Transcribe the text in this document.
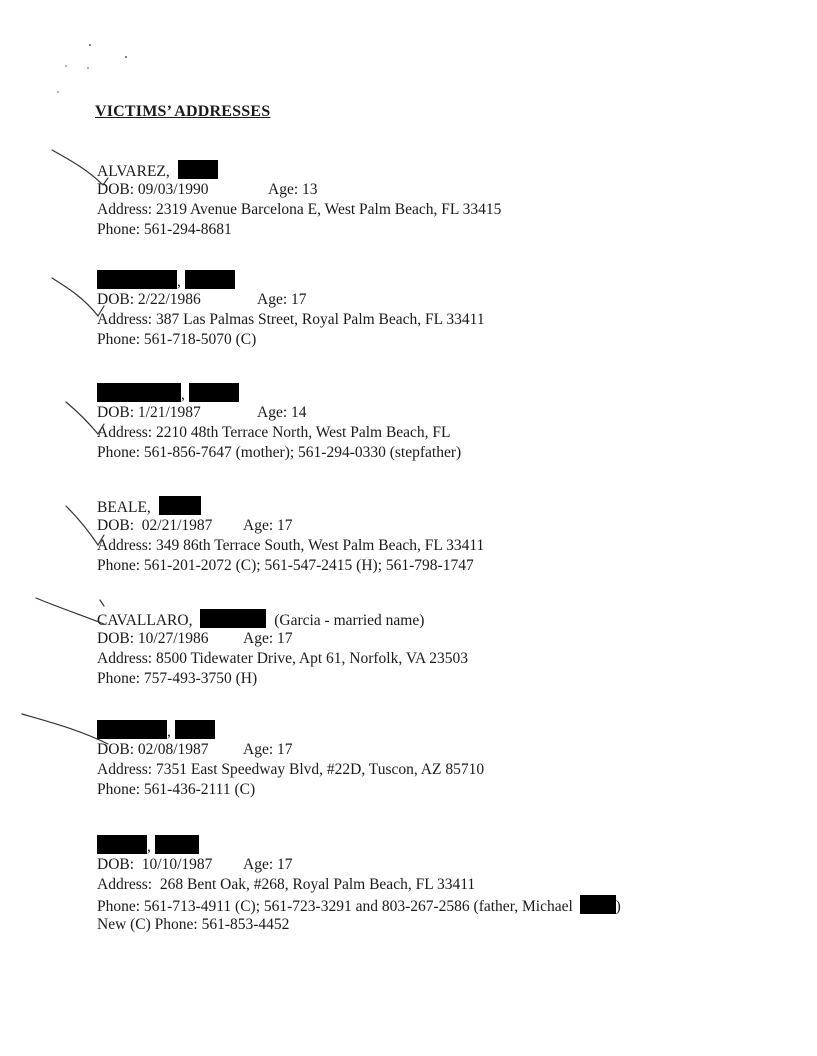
VICTIMS’ ADDRESSES
ALVAREZ,
DOB: 09/03/1990	Age: 13
Address: 2319 Avenue Barcelona E, West Palm Beach, FL 33415
Phone: 561-294-8681
,
DOB: 2/22/1986	Age: 17
Address: 387 Las Palmas Street, Royal Palm Beach, FL 33411
Phone: 561-718-5070 (C)
,
DOB: 1/21/1987	Age: 14
Address: 2210 48th Terrace North, West Palm Beach, FL
Phone: 561-856-7647 (mother); 561-294-0330 (stepfather)
BEALE,
DOB:  02/21/1987 Age: 17
Address: 349 86th Terrace South, West Palm Beach, FL 33411
Phone: 561-201-2072 (C); 561-547-2415 (H); 561-798-1747
CAVALLARO,	(Garcia - married name)
DOB: 10/27/1986 Age: 17
Address: 8500 Tidewater Drive, Apt 61, Norfolk, VA 23503
Phone: 757-493-3750 (H)
,
DOB: 02/08/1987 Age: 17
Address: 7351 East Speedway Blvd, #22D, Tuscon, AZ 85710
Phone: 561-436-2111 (C)
,
DOB:  10/10/1987 Age: 17
Address:  268 Bent Oak, #268, Royal Palm Beach, FL 33411
Phone: 561-713-4911 (C); 561-723-3291 and 803-267-2586 (father, Michael	)
New (C) Phone: 561-853-4452
